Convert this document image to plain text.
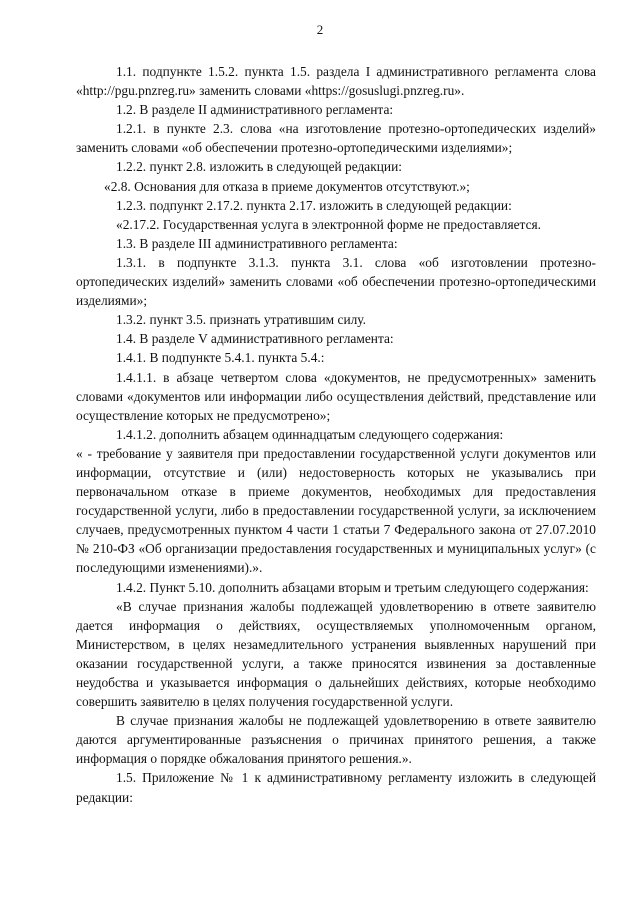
2

1.1. подпункте 1.5.2. пункта 1.5. раздела I административного регламента слова «http://pgu.pnzreg.ru» заменить словами «https://gosuslugi.pnzreg.ru».

1.2. В разделе II административного регламента:

1.2.1. в пункте 2.3. слова «на изготовление протезно-ортопедических изделий» заменить словами «об обеспечении протезно-ортопедическими изделиями»;

1.2.2. пункт 2.8. изложить в следующей редакции:

«2.8. Основания для отказа в приеме документов отсутствуют.»;

1.2.3. подпункт 2.17.2. пункта 2.17. изложить в следующей редакции:

«2.17.2. Государственная услуга в электронной форме не предоставляется.

1.3. В разделе III административного регламента:

1.3.1. в подпункте 3.1.3. пункта 3.1. слова «об изготовлении протезно-ортопедических изделий» заменить словами «об обеспечении протезно-ортопедическими изделиями»;

1.3.2. пункт 3.5. признать утратившим силу.

1.4. В разделе V административного регламента:

1.4.1. В подпункте 5.4.1. пункта 5.4.:

1.4.1.1. в абзаце четвертом слова «документов, не предусмотренных» заменить словами «документов или информации либо осуществления действий, представление или осуществление которых не предусмотрено»;

1.4.1.2. дополнить абзацем одиннадцатым следующего содержания:

« - требование у заявителя при предоставлении государственной услуги документов или информации, отсутствие и (или) недостоверность которых не указывались при первоначальном отказе в приеме документов, необходимых для предоставления государственной услуги, либо в предоставлении государственной услуги, за исключением случаев, предусмотренных пунктом 4 части 1 статьи 7 Федерального закона от 27.07.2010 № 210-ФЗ «Об организации предоставления государственных и муниципальных услуг» (с последующими изменениями).».

1.4.2. Пункт 5.10. дополнить абзацами вторым и третьим следующего содержания:

«В случае признания жалобы подлежащей удовлетворению в ответе заявителю дается информация о действиях, осуществляемых уполномоченным органом, Министерством, в целях незамедлительного устранения выявленных нарушений при оказании государственной услуги, а также приносятся извинения за доставленные неудобства и указывается информация о дальнейших действиях, которые необходимо совершить заявителю в целях получения государственной услуги.

В случае признания жалобы не подлежащей удовлетворению в ответе заявителю даются аргументированные разъяснения о причинах принятого решения, а также информация о порядке обжалования принятого решения.».

1.5. Приложение № 1 к административному регламенту изложить в следующей редакции:
